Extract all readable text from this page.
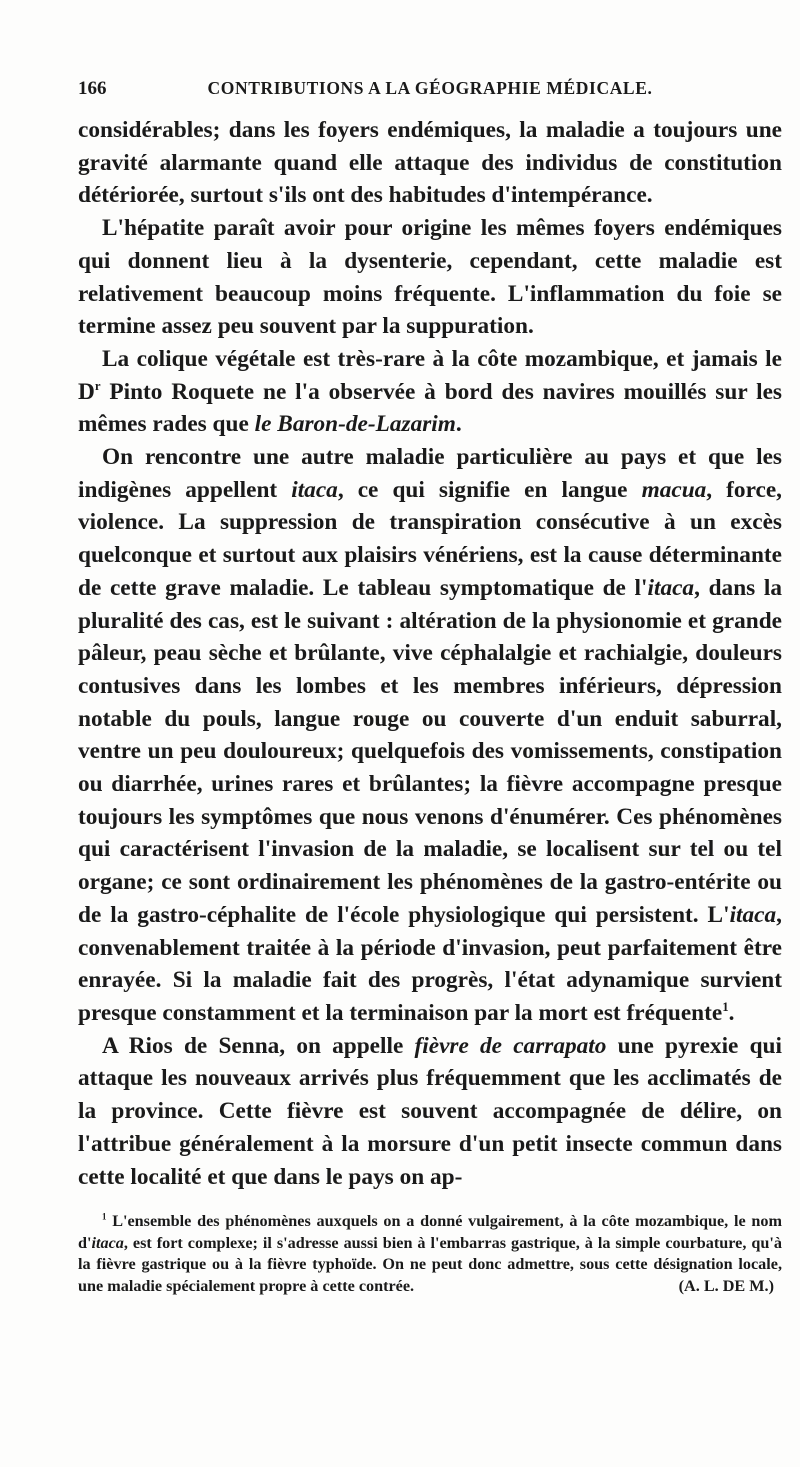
166	CONTRIBUTIONS A LA GÉOGRAPHIE MÉDICALE.

considérables; dans les foyers endémiques, la maladie a toujours une gravité alarmante quand elle attaque des individus de constitution détériorée, surtout s'ils ont des habitudes d'intempérance.

L'hépatite paraît avoir pour origine les mêmes foyers endémiques qui donnent lieu à la dysenterie, cependant, cette maladie est relativement beaucoup moins fréquente. L'inflammation du foie se termine assez peu souvent par la suppuration.

La colique végétale est très-rare à la côte mozambique, et jamais le $D^r$ Pinto Roquete ne l'a observée à bord des navires mouillés sur les mêmes rades que le Baron-de-Lazarim.

On rencontre une autre maladie particulière au pays et que les indigènes appellent itaca, ce qui signifie en langue macua, force, violence. La suppression de transpiration consécutive à un excès quelconque et surtout aux plaisirs vénériens, est la cause déterminante de cette grave maladie. Le tableau symptomatique de l'itaca, dans la pluralité des cas, est le suivant : altération de la physionomie et grande pâleur, peau sèche et brûlante, vive céphalalgie et rachialgie, douleurs contusives dans les lombes et les membres inférieurs, dépression notable du pouls, langue rouge ou couverte d'un enduit saburral, ventre un peu douloureux; quelquefois des vomissements, constipation ou diarrhée, urines rares et brûlantes; la fièvre accompagne presque toujours les symptômes que nous venons d'énumérer. Ces phénomènes qui caractérisent l'invasion de la maladie, se localisent sur tel ou tel organe; ce sont ordinairement les phénomènes de la gastro-entérite ou de la gastro-céphalite de l'école physiologique qui persistent. L'itaca, convenablement traitée à la période d'invasion, peut parfaitement être enrayée. Si la maladie fait des progrès, l'état adynamique survient presque constamment et la terminaison par la mort est fréquente$^1$.

A Rios de Senna, on appelle fièvre de carrapato une pyrexie qui attaque les nouveaux arrivés plus fréquemment que les acclimatés de la province. Cette fièvre est souvent accompagnée de délire, on l'attribue généralement à la morsure d'un petit insecte commun dans cette localité et que dans le pays on ap-

$^1$ L'ensemble des phénomènes auxquels on a donné vulgairement, à la côte mozambique, le nom d'itaca, est fort complexe; il s'adresse aussi bien à l'embarras gastrique, à la simple courbature, qu'à la fièvre gastrique ou à la fièvre typhoïde. On ne peut donc admettre, sous cette désignation locale, une maladie spécialement propre à cette contrée.	(A. L. DE M.)
